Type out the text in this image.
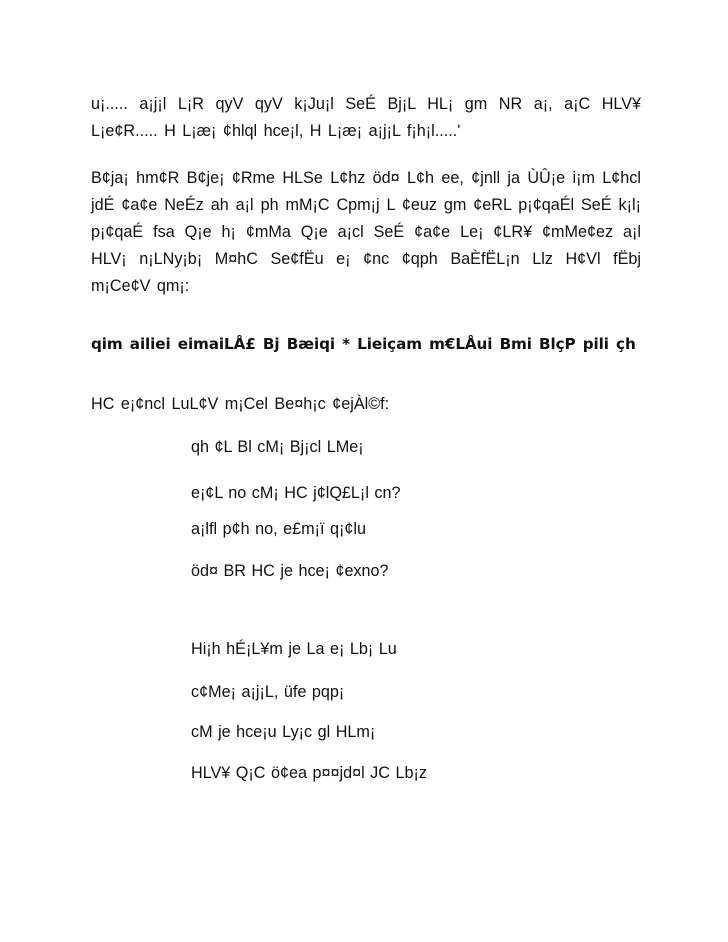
u¡..... a¡j¡l L¡R qyV qyV k¡Ju¡l SeÉ Bj¡L HL¡ gm NR a¡, a¡C HLV¥ L¡e¢R..... H L¡æ¡ ¢hlql hce¡l, H L¡æ¡ a¡j¡L f¡h¡l.....'

B¢ja¡ hm¢R B¢je¡ ¢Rme HLSe L¢hz öd¤ L¢h ee, ¢jnll ja ÙÛ¡e i¡m L¢hcl jdÉ ¢a¢e NeÉz ah a¡l ph mM¡C Cpm¡j L ¢euz gm ¢eRL p¡¢qaÉl SeÉ k¡l¡ p¡¢qaÉ fsa Q¡e h¡ ¢mMa Q¡e a¡cl SeÉ ¢a¢e Le¡ ¢LR¥ ¢mMe¢ez a¡l HLV¡ n¡LNy¡b¡ M¤hC Se¢fËu e¡ ¢nc ¢qph BaÈfËL¡n Llz H¢Vl fËbj m¡Ce¢V qm¡:

qim ailiei eimaiLÅ£ Bj Bæiqi * Lieiçam m€LÅui Bmi BlçP pili çh

HC e¡¢ncl LuL¢V m¡Cel Be¤h¡c ¢ejÀl©f:

qh ¢L Bl cM¡ Bj¡cl LMe¡

e¡¢L no cM¡ HC j¢lQ£L¡l cn?

a¡lfl p¢h no, e£m¡ï q¡¢lu

öd¤ BR HC je hce¡ ¢exno?

Hi¡h hÉ¡L¥m je La e¡ Lb¡ Lu

c¢Me¡ a¡j¡L, üfe pqp¡

cM je hce¡u Ly¡c gl HLm¡

HLV¥ Q¡C ö¢ea p¤¤jd¤l JC Lb¡z
